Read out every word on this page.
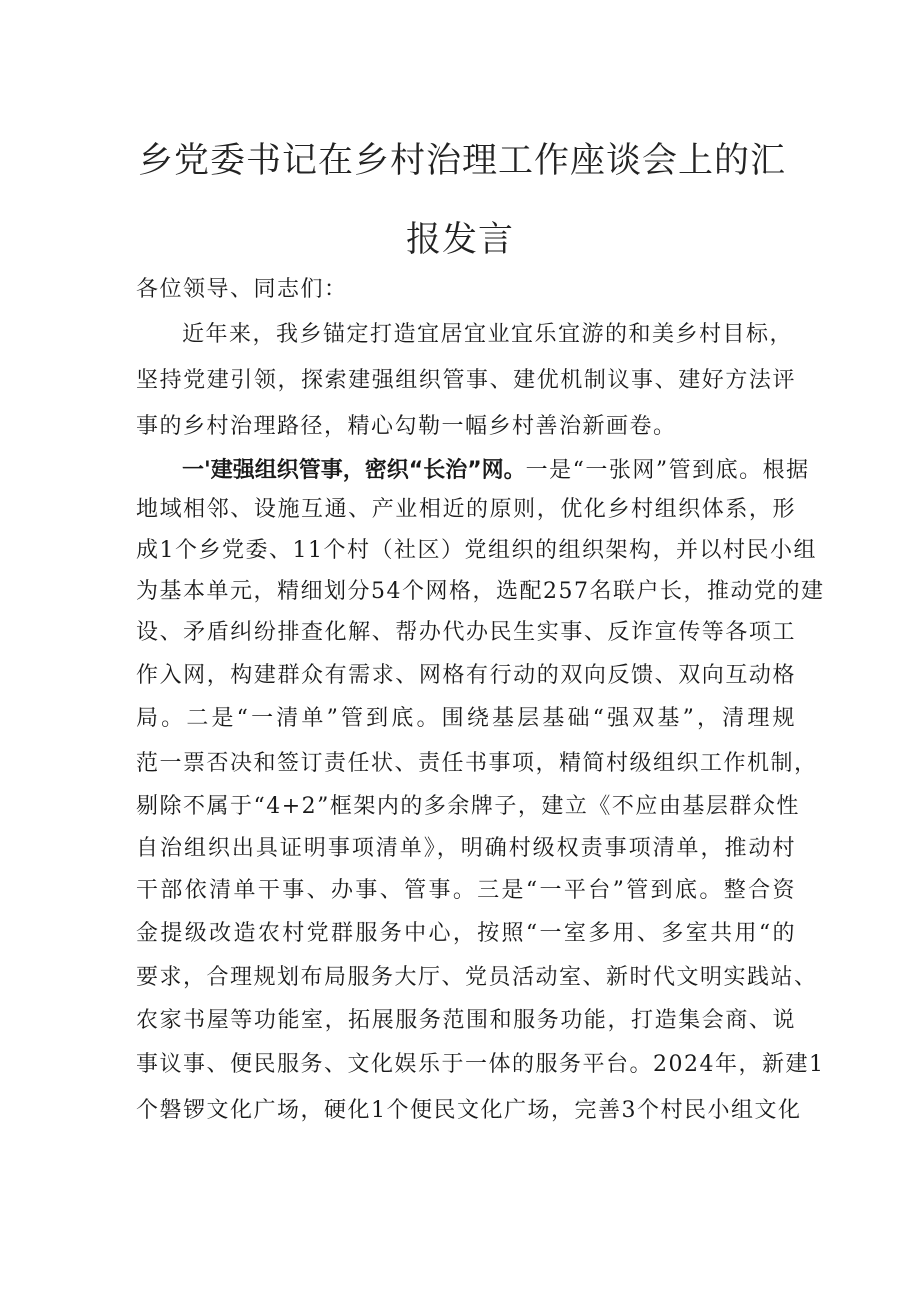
乡党委书记在乡村治理工作座谈会上的汇
报发言

各位领导、同志们：

近年来，我乡锚定打造宜居宜业宜乐宜游的和美乡村目标，

坚持党建引领，探索建强组织管事、建优机制议事、建好方法评

事的乡村治理路径，精心勾勒一幅乡村善治新画卷。

一'建强组织管事，密织“长治”网。一是“一张网”管到底。根据

地域相邻、设施互通、产业相近的原则，优化乡村组织体系，形

成1个乡党委、11个村（社区）党组织的组织架构，并以村民小组

为基本单元，精细划分54个网格，选配257名联户长，推动党的建

设、矛盾纠纷排查化解、帮办代办民生实事、反诈宣传等各项工

作入网，构建群众有需求、网格有行动的双向反馈、双向互动格

局。二是“一清单”管到底。围绕基层基础“强双基”，清理规

范一票否决和签订责任状、责任书事项，精简村级组织工作机制，

剔除不属于“4+2”框架内的多余牌子，建立《不应由基层群众性

自治组织出具证明事项清单》，明确村级权责事项清单，推动村

干部依清单干事、办事、管事。三是“一平台”管到底。整合资

金提级改造农村党群服务中心，按照“一室多用、多室共用“的

要求，合理规划布局服务大厅、党员活动室、新时代文明实践站、

农家书屋等功能室，拓展服务范围和服务功能，打造集会商、说

事议事、便民服务、文化娱乐于一体的服务平台。2024年，新建1

个磐锣文化广场，硬化1个便民文化广场，完善3个村民小组文化
